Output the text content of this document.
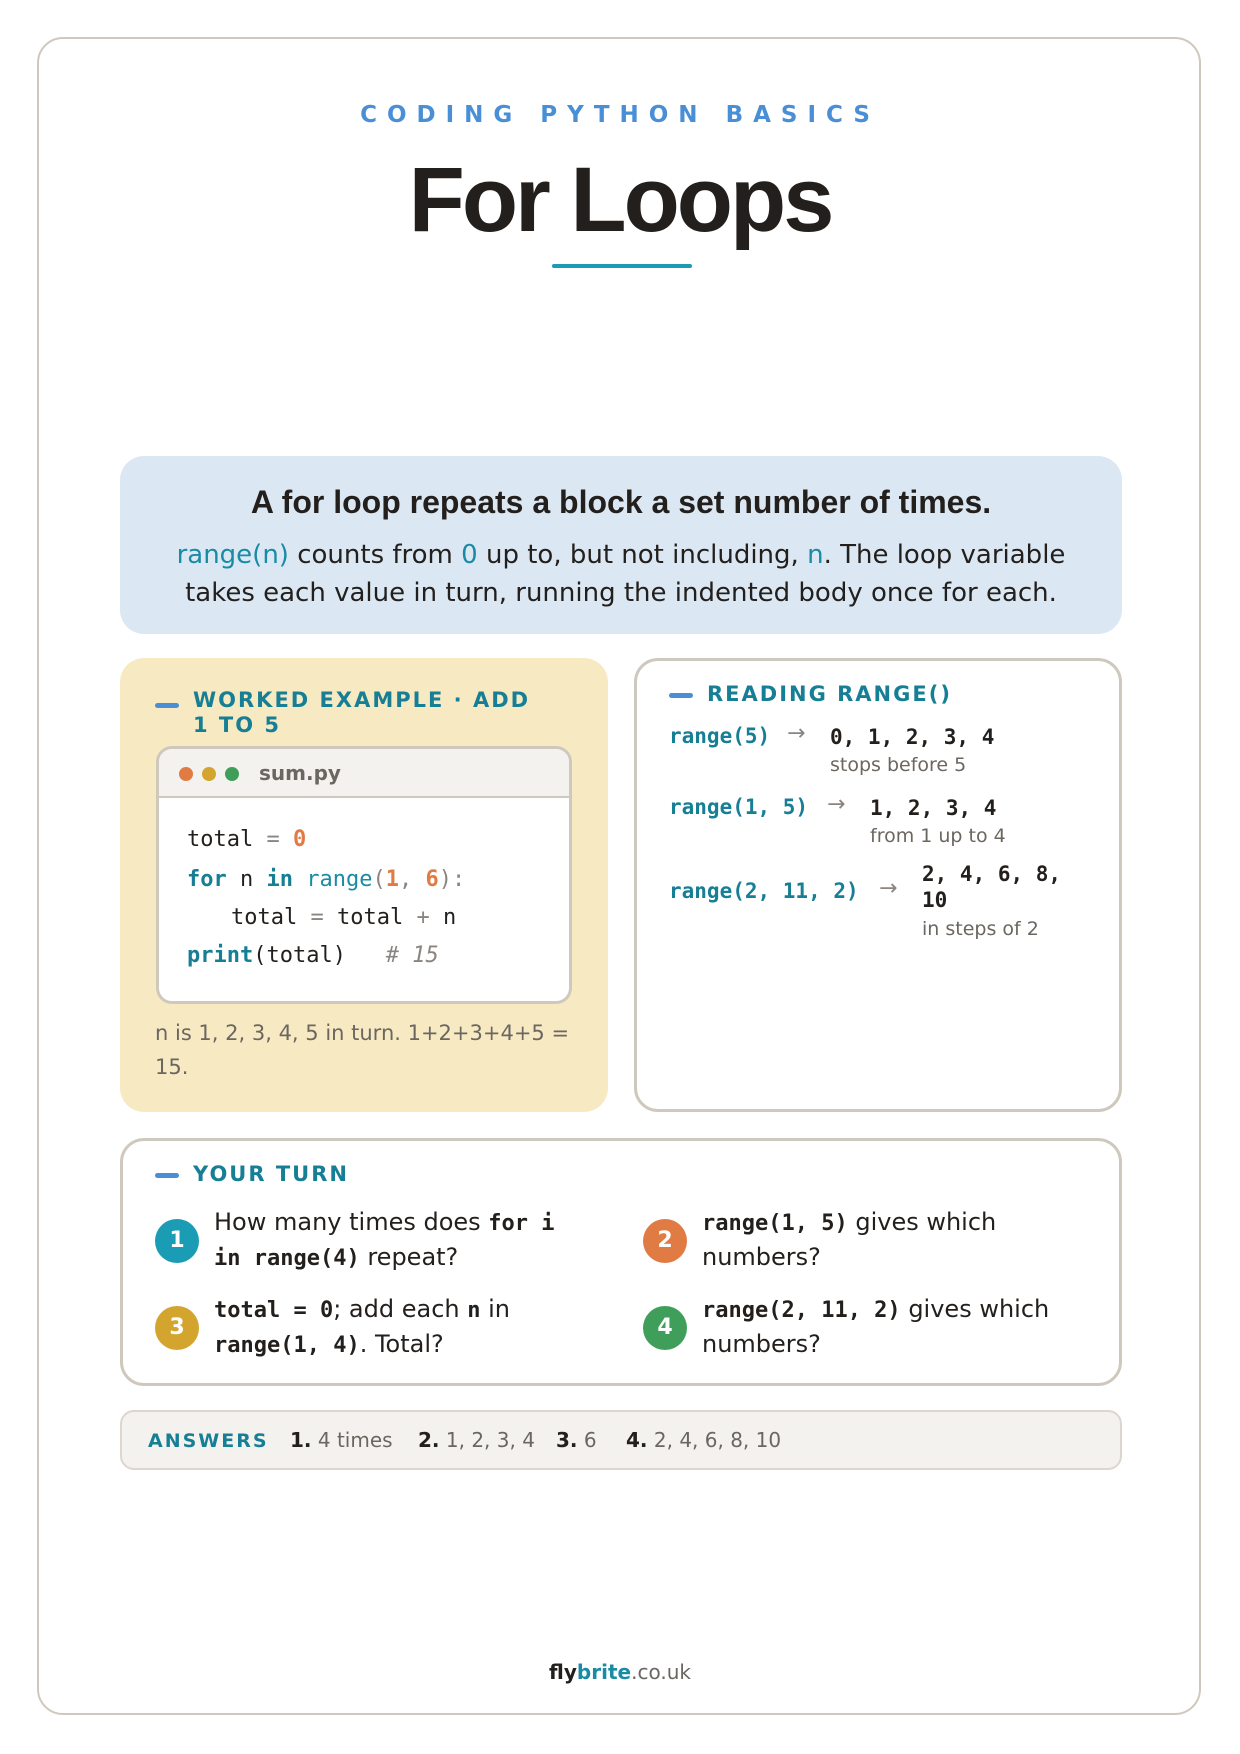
CODING PYTHON BASICS
For Loops
A for loop repeats a block a set number of times.
range(n) counts from 0 up to, but not including, n. The loop variable takes each value in turn, running the indented body once for each.
WORKED EXAMPLE · ADD 1 TO 5
sum.py
total = 0
for n in range(1, 6):
total = total + n
print(total) # 15
n is 1, 2, 3, 4, 5 in turn. 1+2+3+4+5 = 15.
READING RANGE()
range(5) → 0, 1, 2, 3, 4
stops before 5
range(1, 5) → 1, 2, 3, 4
from 1 up to 4
range(2, 11, 2) →
2, 4, 6, 8, 10
in steps of 2
YOUR TURN
1
How many times does for i in range(4) repeat?
2
range(1, 5) gives which numbers?
3
total = 0; add each n in range(1, 4). Total?
4
range(2, 11, 2) gives which numbers?
ANSWERS 1. 4 times 2. 1, 2, 3, 4 3. 6 4. 2, 4, 6, 8, 10
flybrite.co.uk
